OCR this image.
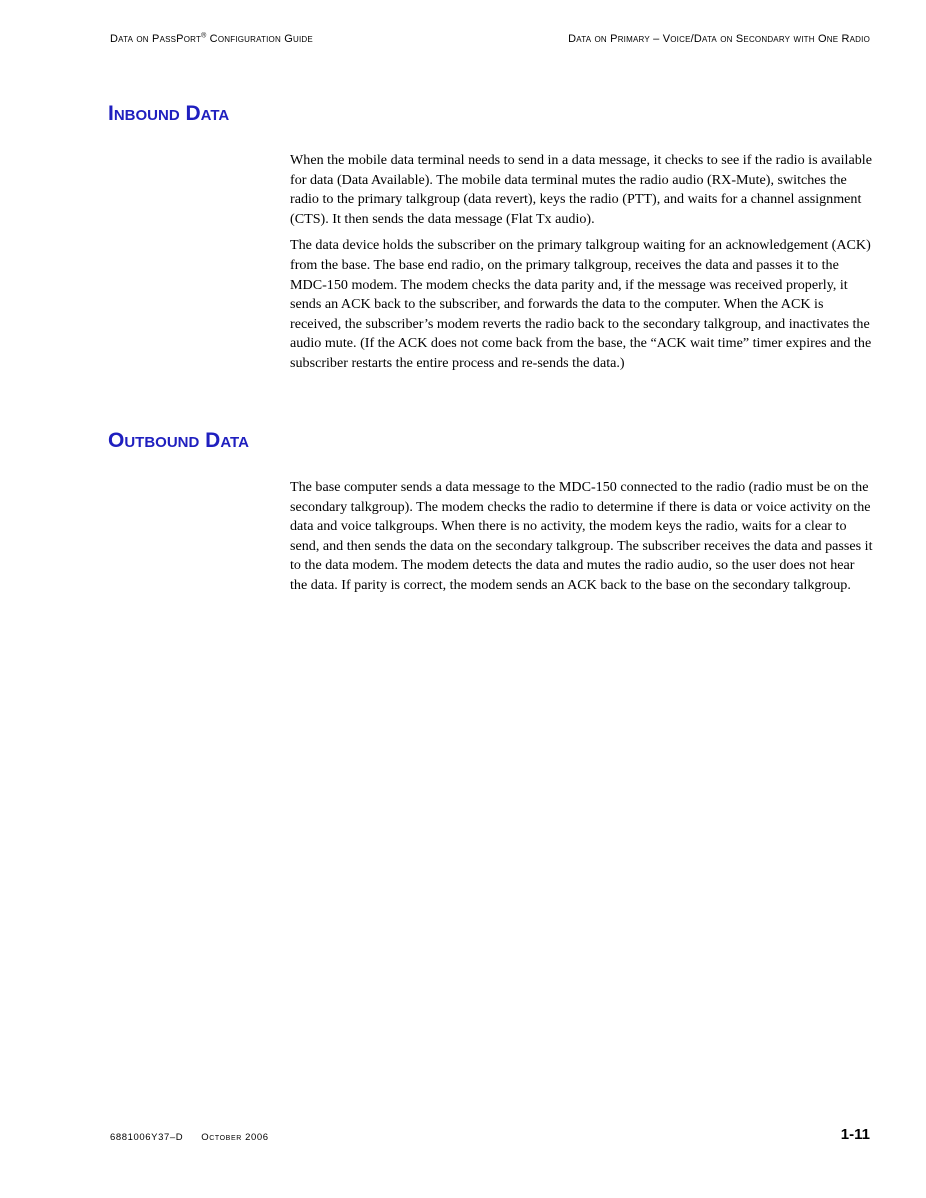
Data on PassPort® Configuration Guide	Data on Primary – Voice/Data on Secondary with One Radio
Inbound Data

When the mobile data terminal needs to send in a data message, it checks to see if the radio is available for data (Data Available). The mobile data terminal mutes the radio audio (RX-Mute), switches the radio to the primary talkgroup (data revert), keys the radio (PTT), and waits for a channel assignment (CTS). It then sends the data message (Flat Tx audio).

The data device holds the subscriber on the primary talkgroup waiting for an acknowledgement (ACK) from the base. The base end radio, on the primary talkgroup, receives the data and passes it to the MDC-150 modem. The modem checks the data parity and, if the message was received properly, it sends an ACK back to the subscriber, and forwards the data to the computer. When the ACK is received, the subscriber’s modem reverts the radio back to the secondary talkgroup, and inactivates the audio mute. (If the ACK does not come back from the base, the “ACK wait time” timer expires and the subscriber restarts the entire process and re-sends the data.)

Outbound Data

The base computer sends a data message to the MDC-150 connected to the radio (radio must be on the secondary talkgroup). The modem checks the radio to determine if there is data or voice activity on the data and voice talkgroups. When there is no activity, the modem keys the radio, waits for a clear to send, and then sends the data on the secondary talkgroup. The subscriber receives the data and passes it to the data modem. The modem detects the data and mutes the radio audio, so the user does not hear the data. If parity is correct, the modem sends an ACK back to the base on the secondary talkgroup.

6881006Y37–D October 2006	1-11
